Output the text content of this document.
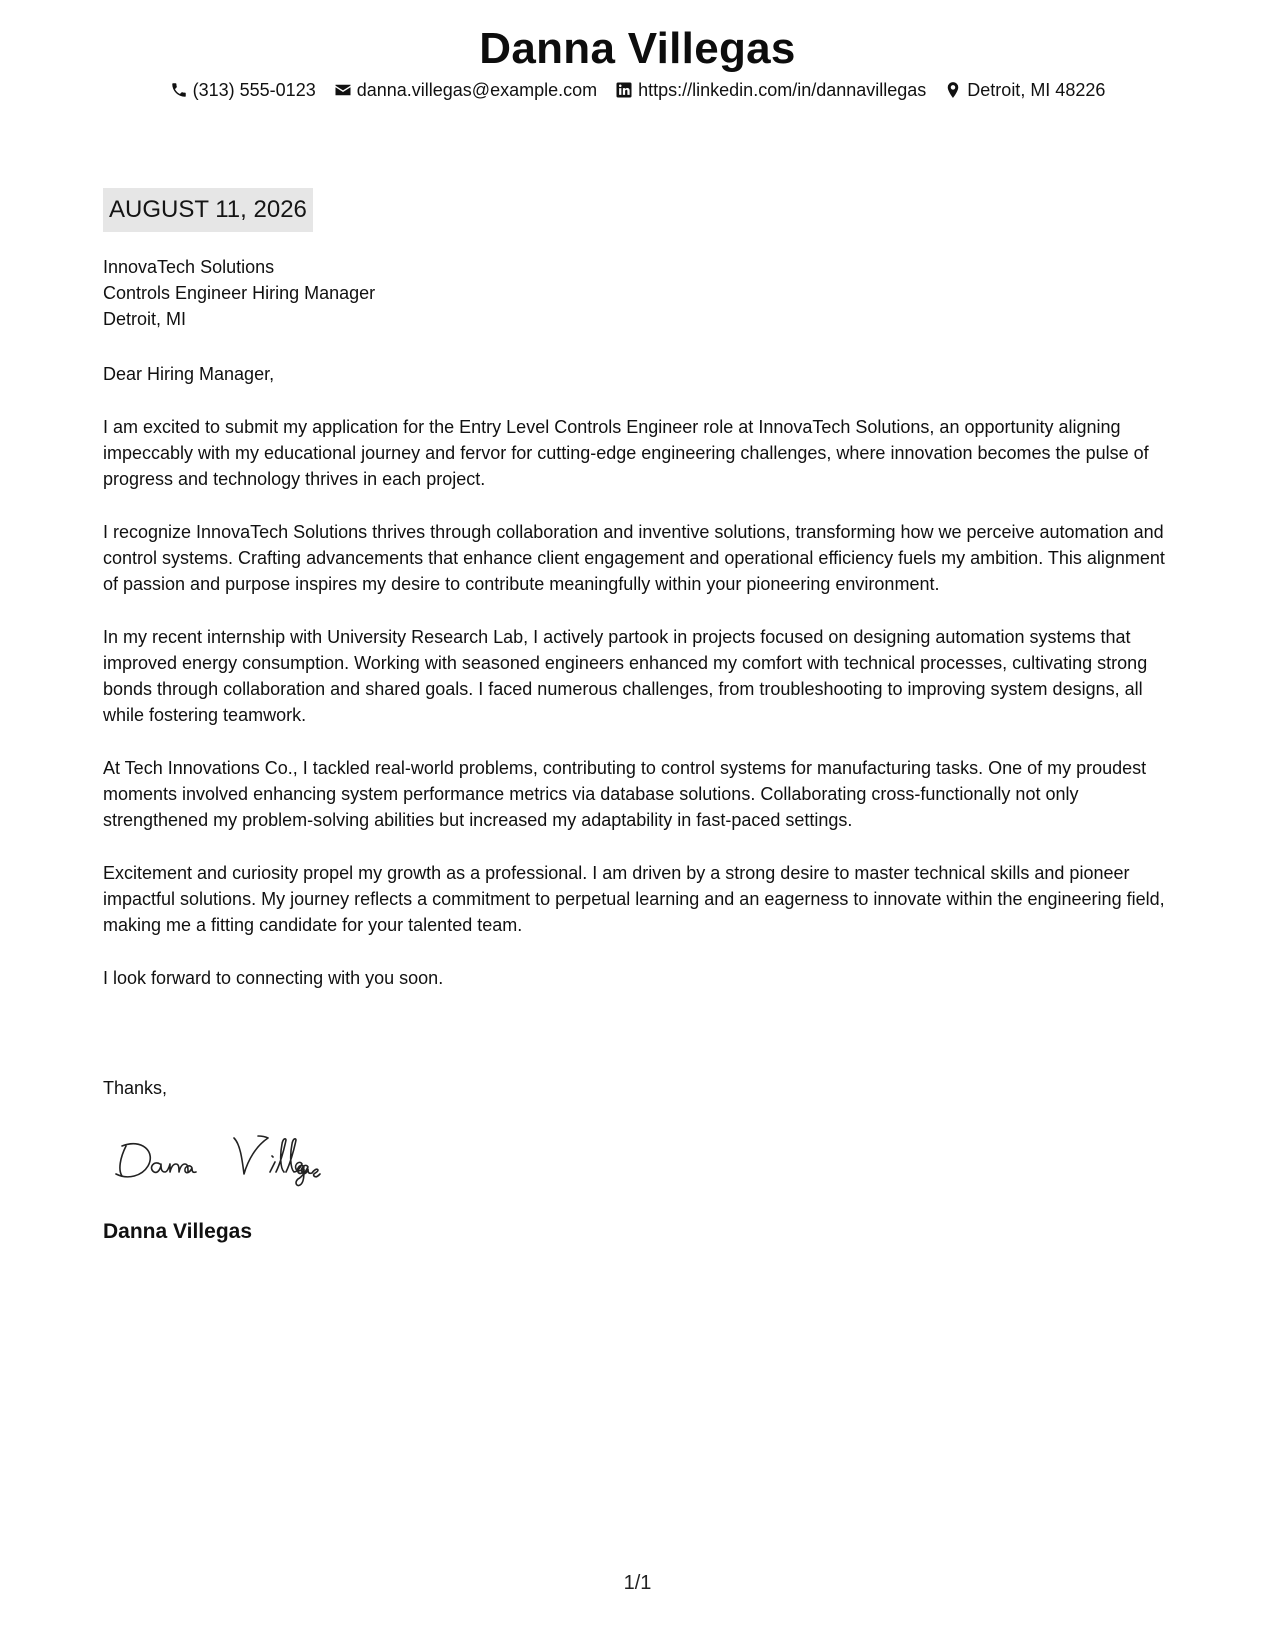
Danna Villegas
(313) 555-0123 danna.villegas@example.com https://linkedin.com/in/dannavillegas Detroit, MI 48226
AUGUST 11, 2026
InnovaTech Solutions
Controls Engineer Hiring Manager
Detroit, MI

Dear Hiring Manager,

I am excited to submit my application for the Entry Level Controls Engineer role at InnovaTech Solutions, an opportunity aligning impeccably with my educational journey and fervor for cutting-edge engineering challenges, where innovation becomes the pulse of progress and technology thrives in each project.

I recognize InnovaTech Solutions thrives through collaboration and inventive solutions, transforming how we perceive automation and control systems. Crafting advancements that enhance client engagement and operational efficiency fuels my ambition. This alignment of passion and purpose inspires my desire to contribute meaningfully within your pioneering environment.

In my recent internship with University Research Lab, I actively partook in projects focused on designing automation systems that improved energy consumption. Working with seasoned engineers enhanced my comfort with technical processes, cultivating strong bonds through collaboration and shared goals. I faced numerous challenges, from troubleshooting to improving system designs, all while fostering teamwork.

At Tech Innovations Co., I tackled real-world problems, contributing to control systems for manufacturing tasks. One of my proudest moments involved enhancing system performance metrics via database solutions. Collaborating cross-functionally not only strengthened my problem-solving abilities but increased my adaptability in fast-paced settings.

Excitement and curiosity propel my growth as a professional. I am driven by a strong desire to master technical skills and pioneer impactful solutions. My journey reflects a commitment to perpetual learning and an eagerness to innovate within the engineering field, making me a fitting candidate for your talented team.

I look forward to connecting with you soon.

Thanks,
Danna Villegas
1/1
